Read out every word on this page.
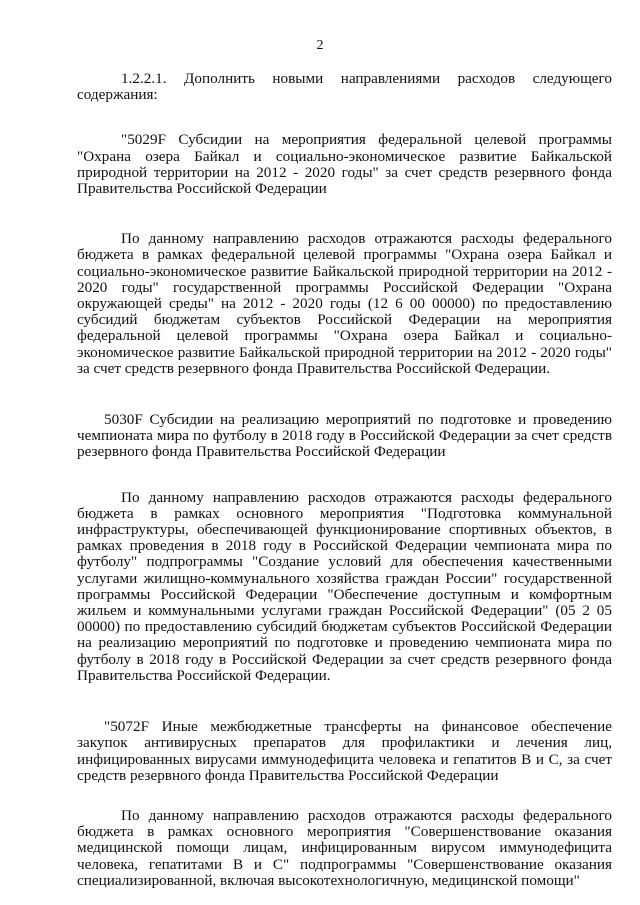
2

1.2.2.1. Дополнить новыми направлениями расходов следующего содержания:

"5029F Субсидии на мероприятия федеральной целевой программы "Охрана озера Байкал и социально-экономическое развитие Байкальской природной территории на 2012 - 2020 годы" за счет средств резервного фонда Правительства Российской Федерации

По данному направлению расходов отражаются расходы федерального бюджета в рамках федеральной целевой программы "Охрана озера Байкал и социально-экономическое развитие Байкальской природной территории на 2012 - 2020 годы" государственной программы Российской Федерации "Охрана окружающей среды" на 2012 - 2020 годы (12 6 00 00000) по предоставлению субсидий бюджетам субъектов Российской Федерации на мероприятия федеральной целевой программы "Охрана озера Байкал и социально-экономическое развитие Байкальской природной территории на 2012 - 2020 годы" за счет средств резервного фонда Правительства Российской Федерации.

5030F Субсидии на реализацию мероприятий по подготовке и проведению чемпионата мира по футболу в 2018 году в Российской Федерации за счет средств резервного фонда Правительства Российской Федерации

По данному направлению расходов отражаются расходы федерального бюджета в рамках основного мероприятия "Подготовка коммунальной инфраструктуры, обеспечивающей функционирование спортивных объектов, в рамках проведения в 2018 году в Российской Федерации чемпионата мира по футболу" подпрограммы "Создание условий для обеспечения качественными услугами жилищно-коммунального хозяйства граждан России" государственной программы Российской Федерации "Обеспечение доступным и комфортным жильем и коммунальными услугами граждан Российской Федерации" (05 2 05 00000) по предоставлению субсидий бюджетам субъектов Российской Федерации на реализацию мероприятий по подготовке и проведению чемпионата мира по футболу в 2018 году в Российской Федерации за счет средств резервного фонда Правительства Российской Федерации.

"5072F Иные межбюджетные трансферты на финансовое обеспечение закупок антивирусных препаратов для профилактики и лечения лиц, инфицированных вирусами иммунодефицита человека и гепатитов В и С, за счет средств резервного фонда Правительства Российской Федерации

По данному направлению расходов отражаются расходы федерального бюджета в рамках основного мероприятия "Совершенствование оказания медицинской помощи лицам, инфицированным вирусом иммунодефицита человека, гепатитами В и С" подпрограммы "Совершенствование оказания специализированной, включая высокотехнологичную, медицинской помощи"
